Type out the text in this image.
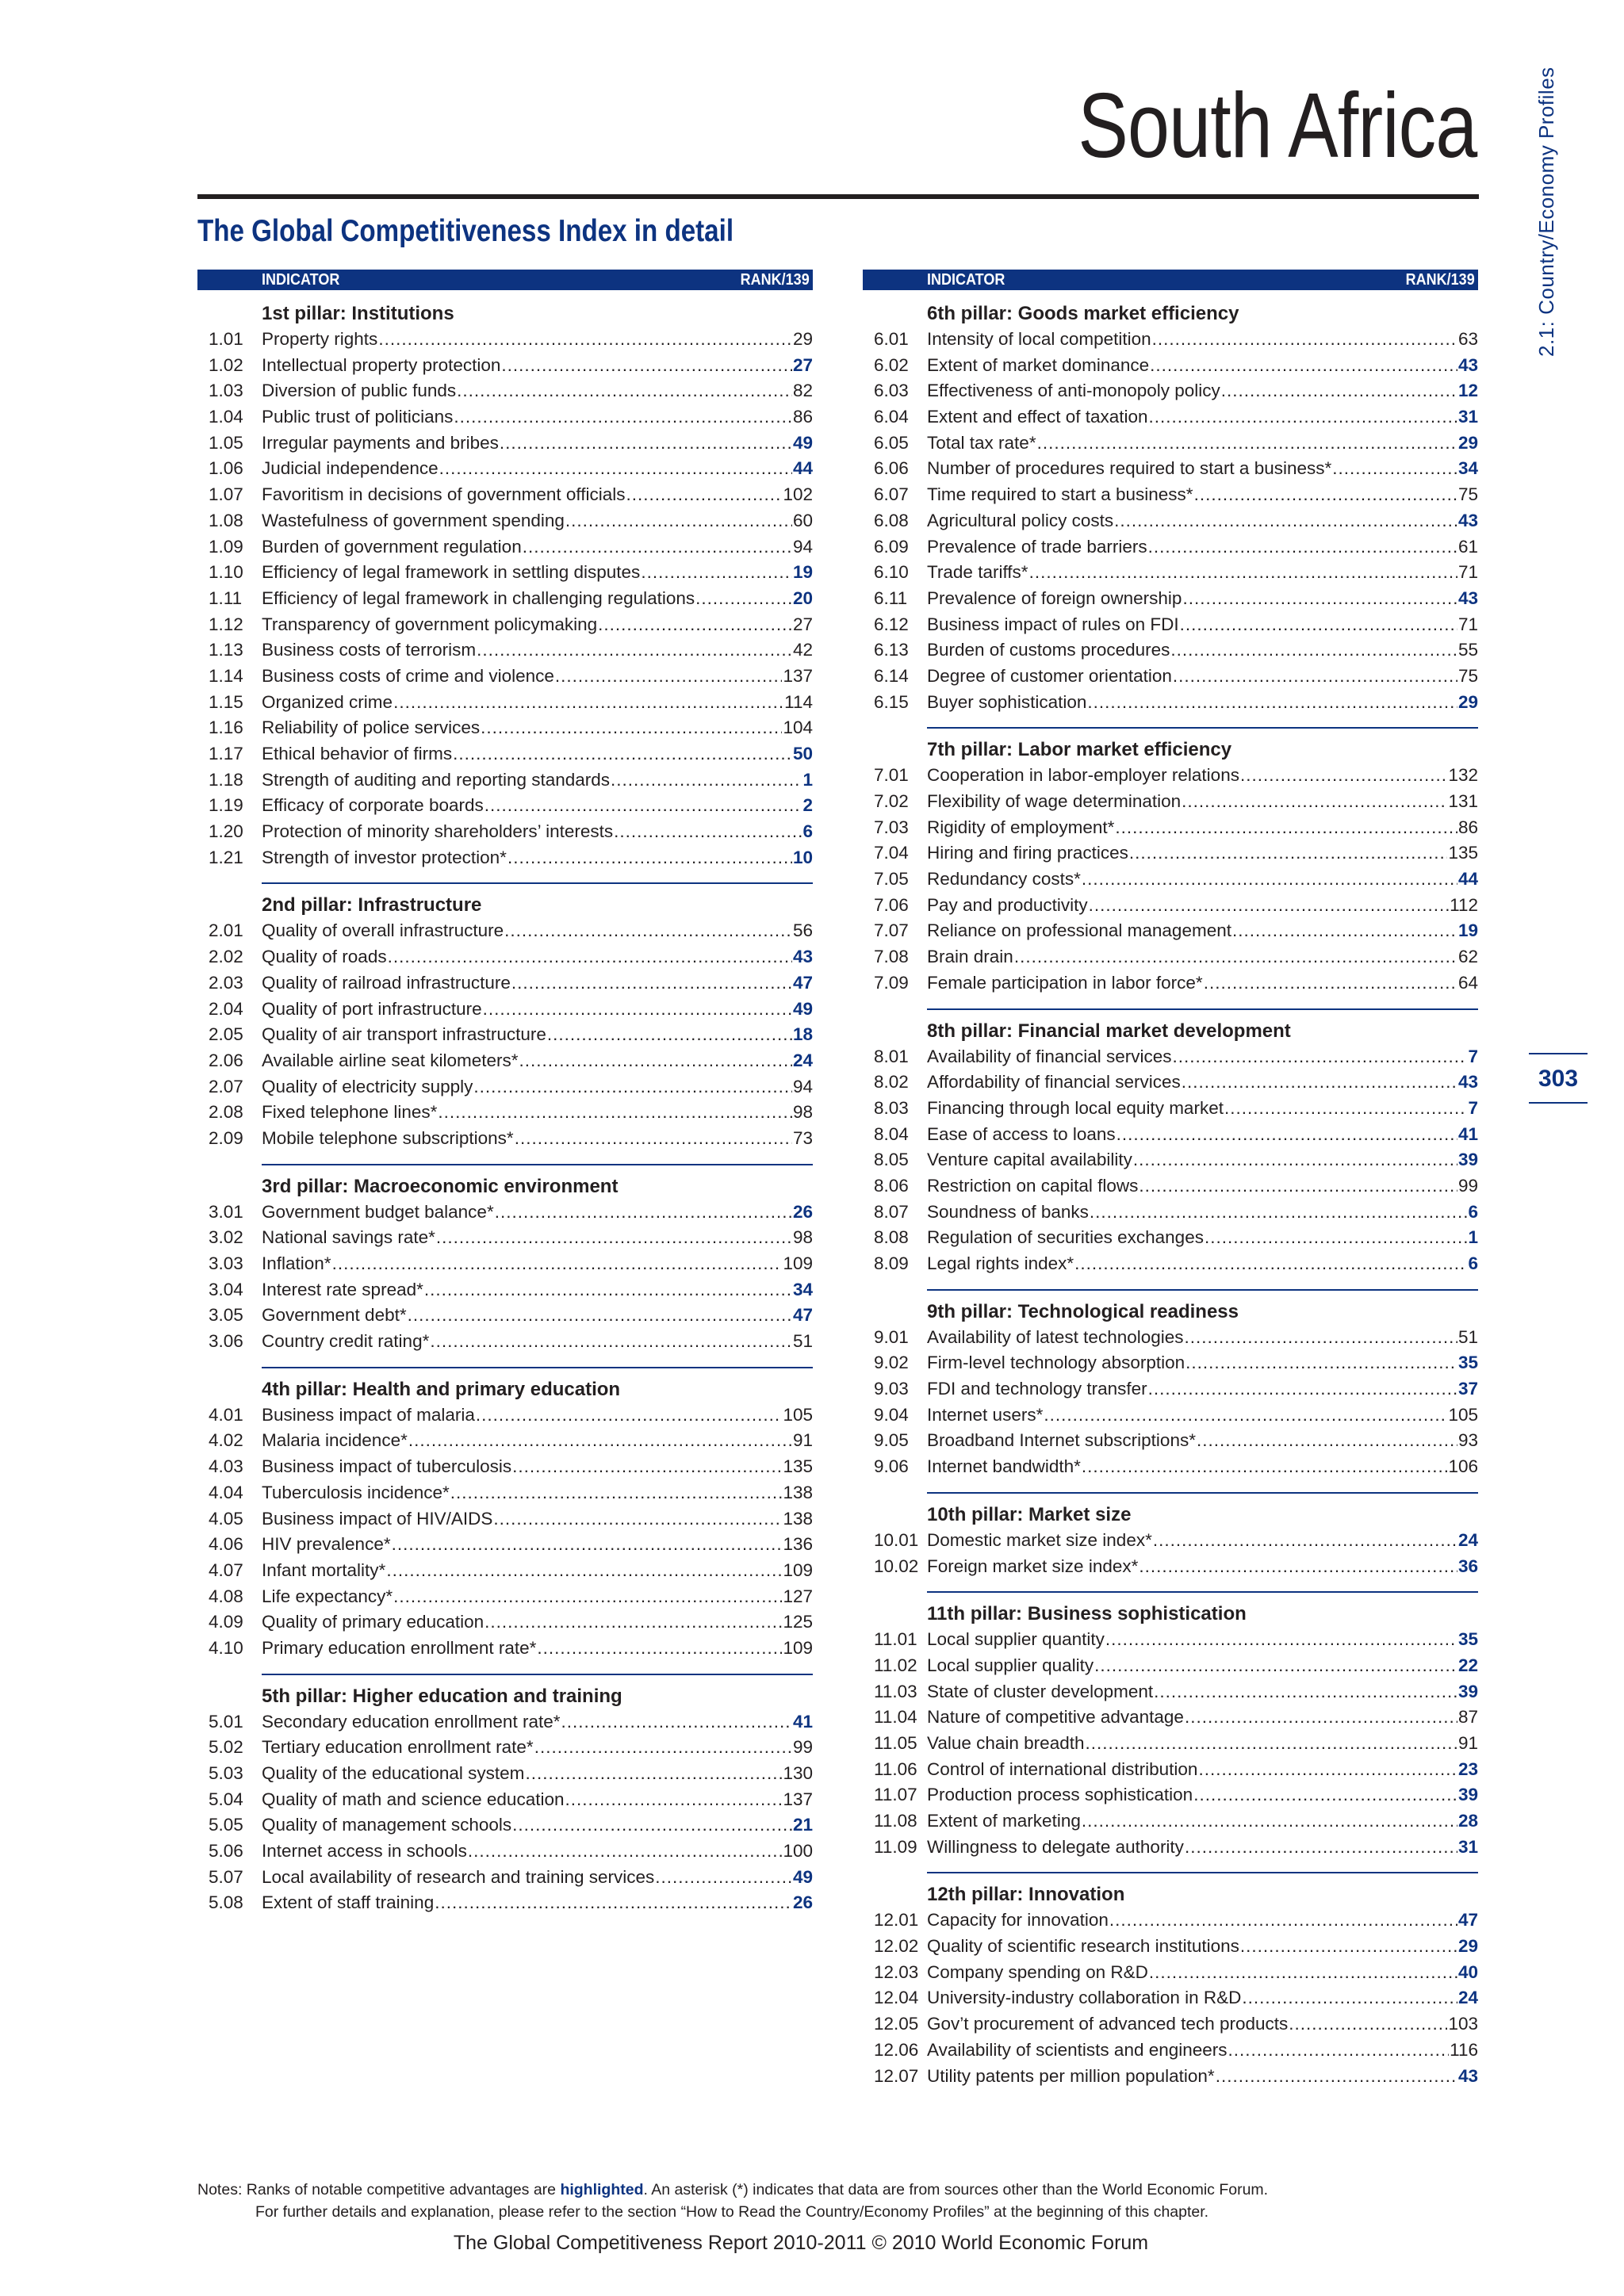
South Africa
The Global Competitiveness Index in detail	2.1: Country/Economy Profiles
303
INDICATOR	RANK/139
1st pillar: Institutions
1.01	Property rights .....	29
1.02	Intellectual property protection .....	27
1.03	Diversion of public funds .....	82
1.04	Public trust of politicians .....	86
1.05	Irregular payments and bribes .....	49
1.06	Judicial independence .....	44
1.07	Favoritism in decisions of government officials .....	102
1.08	Wastefulness of government spending .....	60
1.09	Burden of government regulation .....	94
1.10	Efficiency of legal framework in settling disputes .....	19
1.11	Efficiency of legal framework in challenging regulations .....	20
1.12	Transparency of government policymaking .....	27
1.13	Business costs of terrorism .....	42
1.14	Business costs of crime and violence .....	137
1.15	Organized crime .....	114
1.16	Reliability of police services .....	104
1.17	Ethical behavior of firms .....	50
1.18	Strength of auditing and reporting standards .....	1
1.19	Efficacy of corporate boards .....	2
1.20	Protection of minority shareholders’ interests .....	6
1.21	Strength of investor protection* .....	10
2nd pillar: Infrastructure
2.01	Quality of overall infrastructure .....	56
2.02	Quality of roads .....	43
2.03	Quality of railroad infrastructure .....	47
2.04	Quality of port infrastructure .....	49
2.05	Quality of air transport infrastructure .....	18
2.06	Available airline seat kilometers* .....	24
2.07	Quality of electricity supply .....	94
2.08	Fixed telephone lines* .....	98
2.09	Mobile telephone subscriptions* .....	73
3rd pillar: Macroeconomic environment
3.01	Government budget balance* .....	26
3.02	National savings rate* .....	98
3.03	Inflation* .....	109
3.04	Interest rate spread* .....	34
3.05	Government debt* .....	47
3.06	Country credit rating* .....	51
4th pillar: Health and primary education
4.01	Business impact of malaria .....	105
4.02	Malaria incidence* .....	91
4.03	Business impact of tuberculosis .....	135
4.04	Tuberculosis incidence* .....	138
4.05	Business impact of HIV/AIDS .....	138
4.06	HIV prevalence* .....	136
4.07	Infant mortality* .....	109
4.08	Life expectancy* .....	127
4.09	Quality of primary education .....	125
4.10	Primary education enrollment rate* .....	109
5th pillar: Higher education and training
5.01	Secondary education enrollment rate* .....	41
5.02	Tertiary education enrollment rate* .....	99
5.03	Quality of the educational system .....	130
5.04	Quality of math and science education .....	137
5.05	Quality of management schools .....	21
5.06	Internet access in schools .....	100
5.07	Local availability of research and training services .....	49
5.08	Extent of staff training .....	26
INDICATOR	RANK/139
6th pillar: Goods market efficiency
6.01	Intensity of local competition .....	63
6.02	Extent of market dominance .....	43
6.03	Effectiveness of anti-monopoly policy .....	12
6.04	Extent and effect of taxation .....	31
6.05	Total tax rate* .....	29
6.06	Number of procedures required to start a business* .....	34
6.07	Time required to start a business* .....	75
6.08	Agricultural policy costs .....	43
6.09	Prevalence of trade barriers .....	61
6.10	Trade tariffs* .....	71
6.11	Prevalence of foreign ownership .....	43
6.12	Business impact of rules on FDI .....	71
6.13	Burden of customs procedures .....	55
6.14	Degree of customer orientation .....	75
6.15	Buyer sophistication .....	29
7th pillar: Labor market efficiency
7.01	Cooperation in labor-employer relations .....	132
7.02	Flexibility of wage determination .....	131
7.03	Rigidity of employment* .....	86
7.04	Hiring and firing practices .....	135
7.05	Redundancy costs* .....	44
7.06	Pay and productivity .....	112
7.07	Reliance on professional management .....	19
7.08	Brain drain .....	62
7.09	Female participation in labor force* .....	64
8th pillar: Financial market development
8.01	Availability of financial services .....	7
8.02	Affordability of financial services .....	43
8.03	Financing through local equity market .....	7
8.04	Ease of access to loans .....	41
8.05	Venture capital availability .....	39
8.06	Restriction on capital flows .....	99
8.07	Soundness of banks .....	6
8.08	Regulation of securities exchanges .....	1
8.09	Legal rights index* .....	6
9th pillar: Technological readiness
9.01	Availability of latest technologies .....	51
9.02	Firm-level technology absorption .....	35
9.03	FDI and technology transfer .....	37
9.04	Internet users* .....	105
9.05	Broadband Internet subscriptions* .....	93
9.06	Internet bandwidth* .....	106
10th pillar: Market size
10.01 Domestic market size index* .....	24
10.02 Foreign market size index* .....	36
11th pillar: Business sophistication
11.01 Local supplier quantity .....	35
11.02 Local supplier quality .....	22
11.03 State of cluster development .....	39
11.04 Nature of competitive advantage .....	87
11.05 Value chain breadth .....	91
11.06 Control of international distribution .....	23
11.07 Production process sophistication .....	39
11.08 Extent of marketing .....	28
11.09 Willingness to delegate authority .....	31
12th pillar: Innovation
12.01 Capacity for innovation .....	47
12.02 Quality of scientific research institutions .....	29
12.03 Company spending on R&D .....	40
12.04 University-industry collaboration in R&D .....	24
12.05 Gov’t procurement of advanced tech products .....	103
12.06 Availability of scientists and engineers .....	116
12.07 Utility patents per million population* .....	43
Notes: Ranks of notable competitive advantages are highlighted. An asterisk (*) indicates that data are from sources other than the World Economic Forum.
For further details and explanation, please refer to the section “How to Read the Country/Economy Profiles” at the beginning of this chapter.
The Global Competitiveness Report 2010-2011 © 2010 World Economic Forum
